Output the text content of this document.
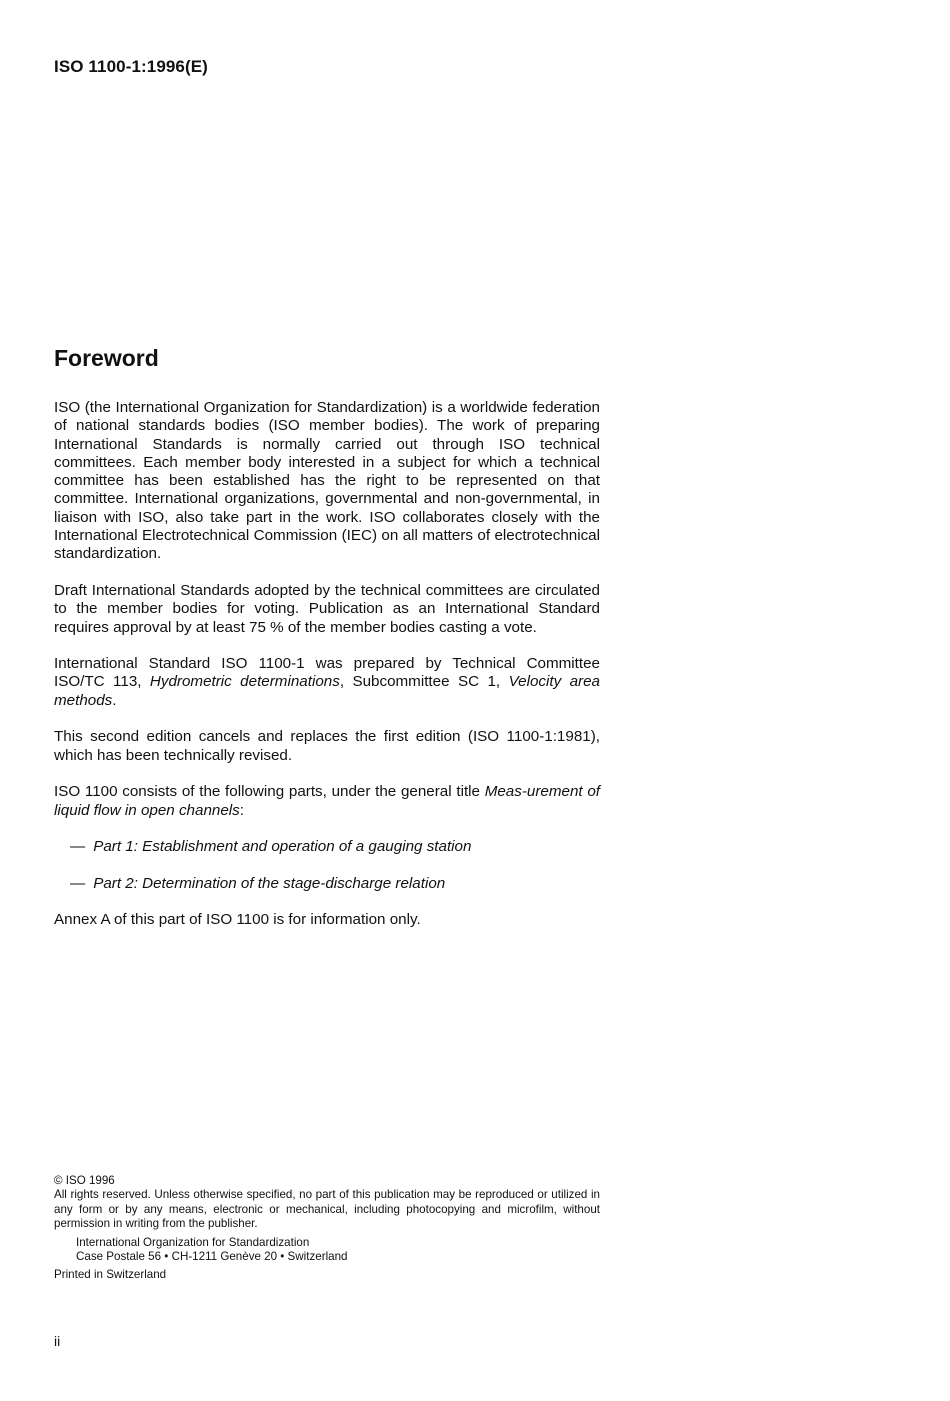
ISO 1100-1:1996(E)
Foreword

ISO (the International Organization for Standardization) is a worldwide federation of national standards bodies (ISO member bodies). The work of preparing International Standards is normally carried out through ISO technical committees. Each member body interested in a subject for which a technical committee has been established has the right to be represented on that committee. International organizations, governmental and non-governmental, in liaison with ISO, also take part in the work. ISO collaborates closely with the International Electrotechnical Commission (IEC) on all matters of electrotechnical standardization.

Draft International Standards adopted by the technical committees are circulated to the member bodies for voting. Publication as an International Standard requires approval by at least 75 % of the member bodies casting a vote.

International Standard ISO 1100-1 was prepared by Technical Committee ISO/TC 113, Hydrometric determinations, Subcommittee SC 1, Velocity area methods.

This second edition cancels and replaces the first edition (ISO 1100-1:1981), which has been technically revised.

ISO 1100 consists of the following parts, under the general title Meas-urement of liquid flow in open channels:

— Part 1: Establishment and operation of a gauging station
— Part 2: Determination of the stage-discharge relation

Annex A of this part of ISO 1100 is for information only.

© ISO 1996

All rights reserved. Unless otherwise specified, no part of this publication may be reproduced or utilized in any form or by any means, electronic or mechanical, including photocopying and microfilm, without permission in writing from the publisher.

International Organization for Standardization
Case Postale 56 • CH-1211 Genève 20 • Switzerland

Printed in Switzerland

ii
